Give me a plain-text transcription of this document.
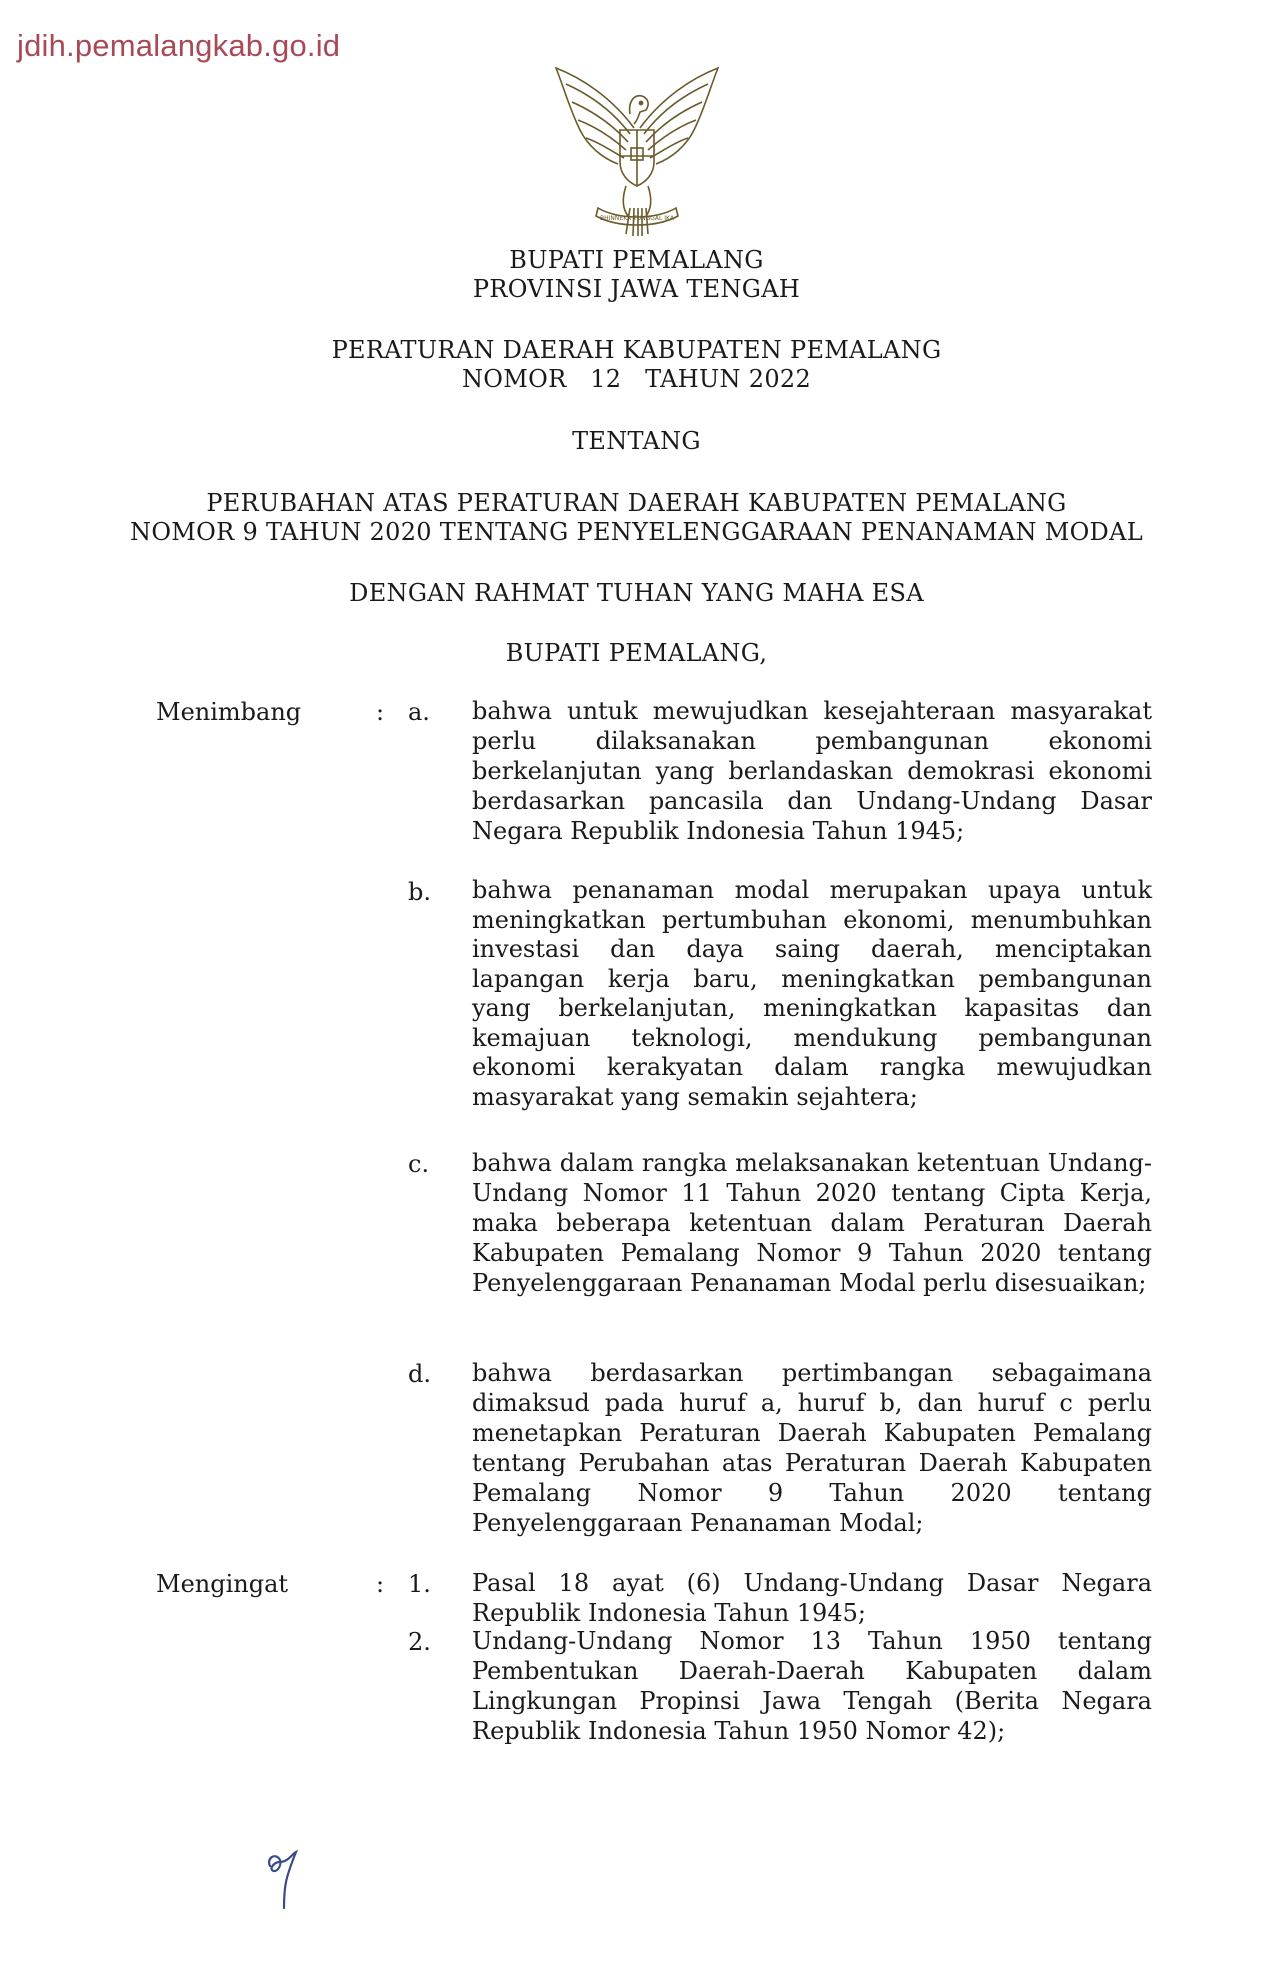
jdih.pemalangkab.go.id
BHINNEKA TUNGGAL IKA
BUPATI PEMALANG
PROVINSI JAWA TENGAH
PERATURAN DAERAH KABUPATEN PEMALANG
NOMOR   12   TAHUN 2022
TENTANG
PERUBAHAN ATAS PERATURAN DAERAH KABUPATEN PEMALANG
NOMOR 9 TAHUN 2020 TENTANG PENYELENGGARAAN PENANAMAN MODAL
DENGAN RAHMAT TUHAN YANG MAHA ESA
BUPATI PEMALANG,
Menimbang	: a. bahwa untuk mewujudkan kesejahteraan masyarakat perlu dilaksanakan pembangunan ekonomi berkelanjutan yang berlandaskan demokrasi ekonomi berdasarkan pancasila dan Undang-Undang Dasar Negara Republik Indonesia Tahun 1945;
b. bahwa penanaman modal merupakan upaya untuk meningkatkan pertumbuhan ekonomi, menumbuhkan investasi dan daya saing daerah, menciptakan lapangan kerja baru, meningkatkan pembangunan yang berkelanjutan, meningkatkan kapasitas dan kemajuan teknologi, mendukung pembangunan ekonomi kerakyatan dalam rangka mewujudkan masyarakat yang semakin sejahtera;
c. bahwa dalam rangka melaksanakan ketentuan Undang-Undang Nomor 11 Tahun 2020 tentang Cipta Kerja, maka beberapa ketentuan dalam Peraturan Daerah Kabupaten Pemalang Nomor 9 Tahun 2020 tentang Penyelenggaraan Penanaman Modal perlu disesuaikan;
d. bahwa berdasarkan pertimbangan sebagaimana dimaksud pada huruf a, huruf b, dan huruf c perlu menetapkan Peraturan Daerah Kabupaten Pemalang tentang Perubahan atas Peraturan Daerah Kabupaten Pemalang Nomor 9 Tahun 2020 tentang Penyelenggaraan Penanaman Modal;
Mengingat	: 1. Pasal 18 ayat (6) Undang-Undang Dasar Negara Republik Indonesia Tahun 1945;
2. Undang-Undang Nomor 13 Tahun 1950 tentang Pembentukan Daerah-Daerah Kabupaten dalam Lingkungan Propinsi Jawa Tengah (Berita Negara Republik Indonesia Tahun 1950 Nomor 42);
